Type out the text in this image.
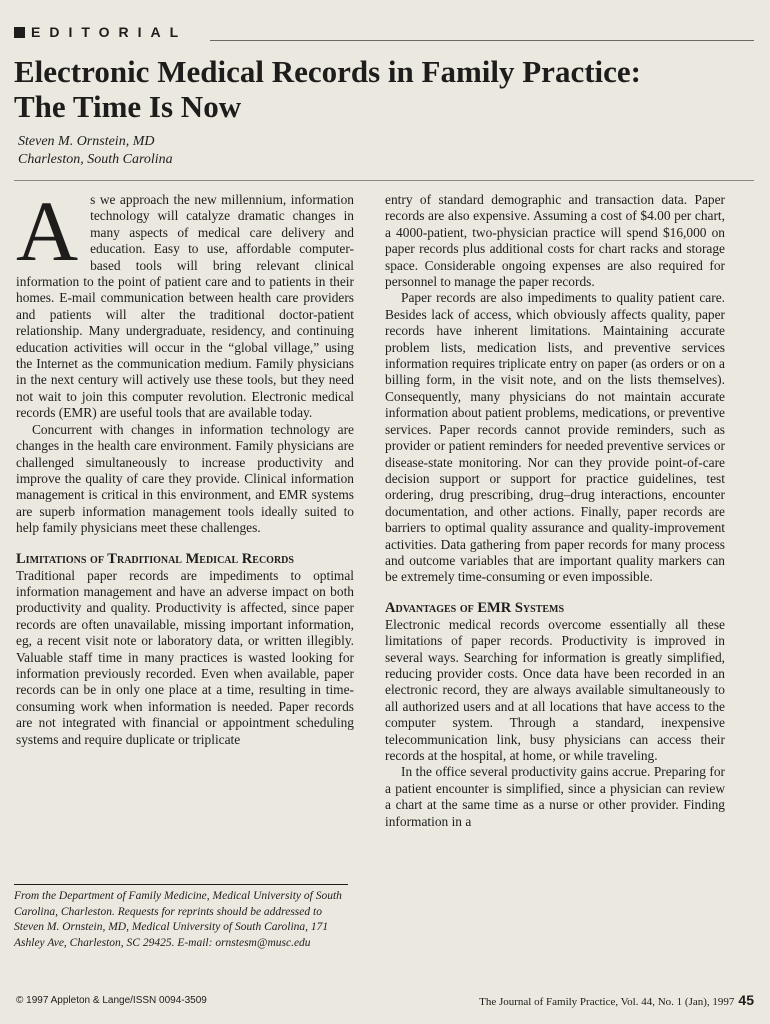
EDITORIAL
Electronic Medical Records in Family Practice:
The Time Is Now
Steven M. Ornstein, MD
Charleston, South Carolina

As we approach the new millennium, information technology will catalyze dramatic changes in many aspects of medical care delivery and education. Easy to use, affordable computer-based tools will bring relevant clinical information to the point of patient care and to patients in their homes. E-mail communication between health care providers and patients will alter the traditional doctor-patient relationship. Many undergraduate, residency, and continuing education activities will occur in the “global village,” using the Internet as the communication medium. Family physicians in the next century will actively use these tools, but they need not wait to join this computer revolution. Electronic medical records (EMR) are useful tools that are available today.

Concurrent with changes in information technology are changes in the health care environment. Family physicians are challenged simultaneously to increase productivity and improve the quality of care they provide. Clinical information management is critical in this environment, and EMR systems are superb information management tools ideally suited to help family physicians meet these challenges.

Limitations of Traditional Medical Records

Traditional paper records are impediments to optimal information management and have an adverse impact on both productivity and quality. Productivity is affected, since paper records are often unavailable, missing important information, eg, a recent visit note or laboratory data, or written illegibly. Valuable staff time in many practices is wasted looking for information previously recorded. Even when available, paper records can be in only one place at a time, resulting in time-consuming work when information is needed. Paper records are not integrated with financial or appointment scheduling systems and require duplicate or triplicate

entry of standard demographic and transaction data. Paper records are also expensive. Assuming a cost of $4.00 per chart, a 4000-patient, two-physician practice will spend $16,000 on paper records plus additional costs for chart racks and storage space. Considerable ongoing expenses are also required for personnel to manage the paper records.

Paper records are also impediments to quality patient care. Besides lack of access, which obviously affects quality, paper records have inherent limitations. Maintaining accurate problem lists, medication lists, and preventive services information requires triplicate entry on paper (as orders or on a billing form, in the visit note, and on the lists themselves). Consequently, many physicians do not maintain accurate information about patient problems, medications, or preventive services. Paper records cannot provide reminders, such as provider or patient reminders for needed preventive services or disease-state monitoring. Nor can they provide point-of-care decision support or support for practice guidelines, test ordering, drug prescribing, drug–drug interactions, encounter documentation, and other actions. Finally, paper records are barriers to optimal quality assurance and quality-improvement activities. Data gathering from paper records for many process and outcome variables that are important quality markers can be extremely time-consuming or even impossible.

Advantages of EMR Systems

Electronic medical records overcome essentially all these limitations of paper records. Productivity is improved in several ways. Searching for information is greatly simplified, reducing provider costs. Once data have been recorded in an electronic record, they are always available simultaneously to all authorized users and at all locations that have access to the computer system. Through a standard, inexpensive telecommunication link, busy physicians can access their records at the hospital, at home, or while traveling.

In the office several productivity gains accrue. Preparing for a patient encounter is simplified, since a physician can review a chart at the same time as a nurse or other provider. Finding information in a

From the Department of Family Medicine, Medical University of South Carolina, Charleston. Requests for reprints should be addressed to Steven M. Ornstein, MD, Medical University of South Carolina, 171 Ashley Ave, Charleston, SC 29425. E-mail: ornstesm@musc.edu
© 1997 Appleton & Lange/ISSN 0094-3509	The Journal of Family Practice, Vol. 44, No. 1 (Jan), 1997 45
